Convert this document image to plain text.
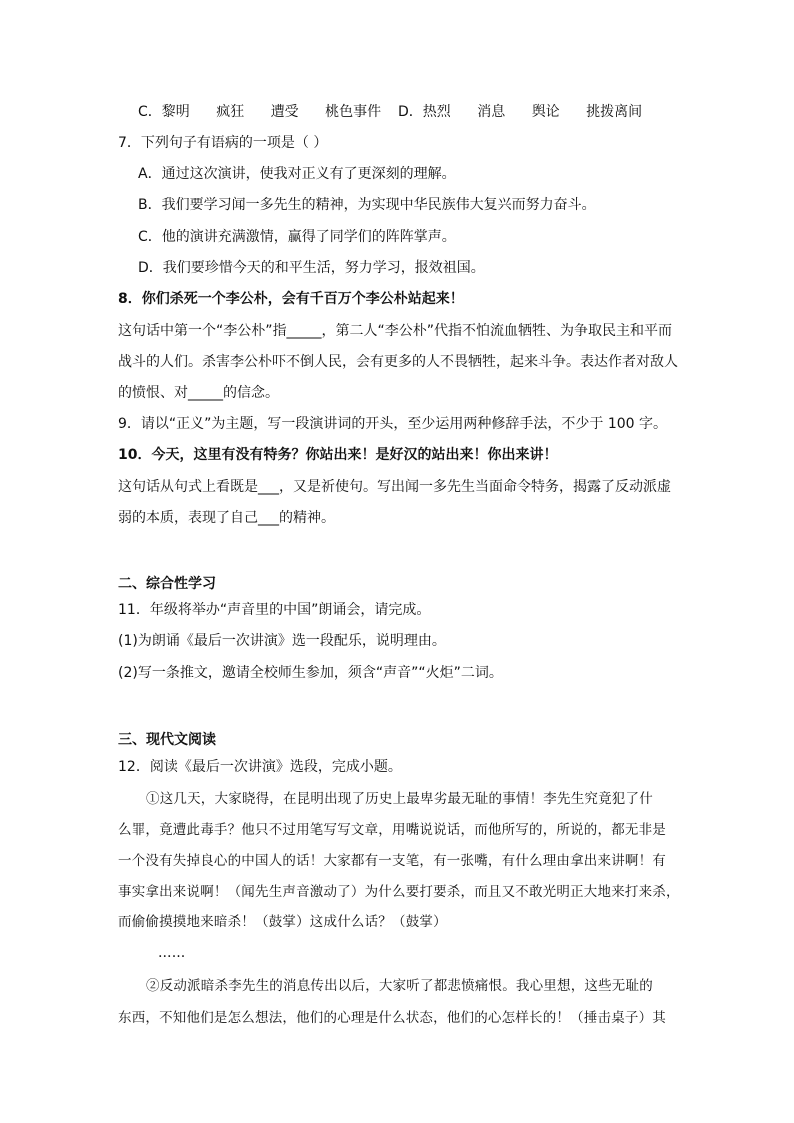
C．黎明 疯狂 遭受 桃色事件	D．热烈 消息 舆论 挑拨离间
7．下列句子有语病的一项是（ ）
A．通过这次演讲，使我对正义有了更深刻的理解。
B．我们要学习闻一多先生的精神，为实现中华民族伟大复兴而努力奋斗。
C．他的演讲充满激情，赢得了同学们的阵阵掌声。
D．我们要珍惜今天的和平生活，努力学习，报效祖国。
8．你们杀死一个李公朴，会有千百万个李公朴站起来！
这句话中第一个“李公朴”指_____，第二人“李公朴”代指不怕流血牺牲、为争取民主和平而
战斗的人们。杀害李公朴吓不倒人民，会有更多的人不畏牺牲，起来斗争。表达作者对敌人
的愤恨、对_____的信念。
9．请以“正义”为主题，写一段演讲词的开头，至少运用两种修辞手法，不少于 100 字。
10．今天，这里有没有特务？你站出来！是好汉的站出来！你出来讲！
这句话从句式上看既是___，又是祈使句。写出闻一多先生当面命令特务，揭露了反动派虚
弱的本质，表现了自己___的精神。
二、综合性学习
11．年级将举办“声音里的中国”朗诵会，请完成。
(1)为朗诵《最后一次讲演》选一段配乐，说明理由。
(2)写一条推文，邀请全校师生参加，须含“声音”“火炬”二词。
三、现代文阅读
12．阅读《最后一次讲演》选段，完成小题。
①这几天，大家晓得，在昆明出现了历史上最卑劣最无耻的事情！李先生究竟犯了什
么罪，竟遭此毒手？他只不过用笔写写文章，用嘴说说话，而他所写的，所说的，都无非是
一个没有失掉良心的中国人的话！大家都有一支笔，有一张嘴，有什么理由拿出来讲啊！有
事实拿出来说啊！（闻先生声音激动了）为什么要打要杀，而且又不敢光明正大地来打来杀，
而偷偷摸摸地来暗杀！（鼓掌）这成什么话？（鼓掌）
……
②反动派暗杀李先生的消息传出以后，大家听了都悲愤痛恨。我心里想，这些无耻的
东西，不知他们是怎么想法，他们的心理是什么状态，他们的心怎样长的！（捶击桌子）其
